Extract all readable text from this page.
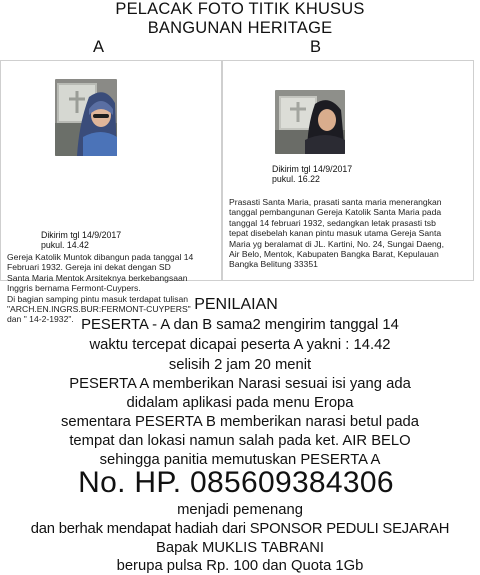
PELACAK FOTO TITIK KHUSUS
BANGUNAN HERITAGE
A	B
Dikirim tgl 14/9/2017
pukul. 14.42

Gereja Katolik Muntok dibangun pada tanggal 14

Februari 1932. Gereja ini dekat dengan SD

Santa Maria Mentok Arsiteknya berkebangsaan

Inggris bernama Fermont-Cuypers.

Di bagian samping pintu masuk terdapat tulisan

"ARCH.EN.INGRS.BUR:FERMONT-CUYPERS"

dan " 14-2-1932".

Dikirim tgl 14/9/2017
pukul. 16.22

Prasasti Santa Maria, prasati santa maria menerangkan

tanggal pembangunan Gereja Katolik Santa Maria pada

tanggal 14 februari 1932, sedangkan letak prasasti tsb

tepat disebelah kanan pintu masuk utama Gereja Santa

Maria yg beralamat di JL. Kartini, No. 24, Sungai Daeng,

Air Belo, Mentok, Kabupaten Bangka Barat, Kepulauan

Bangka Belitung 33351

PENILAIAN
PESERTA - A dan B sama2 mengirim tanggal 14
waktu tercepat dicapai peserta A yakni : 14.42
selisih 2 jam 20 menit
PESERTA A memberikan Narasi sesuai isi yang ada
didalam aplikasi pada menu Eropa
sementara PESERTA B memberikan narasi betul pada
tempat dan lokasi namun salah pada ket. AIR BELO
sehingga panitia memutuskan PESERTA A
No. HP. 085609384306
menjadi pemenang
dan berhak mendapat hadiah dari SPONSOR PEDULI SEJARAH
Bapak MUKLIS TABRANI
berupa pulsa Rp. 100 dan Quota 1Gb
